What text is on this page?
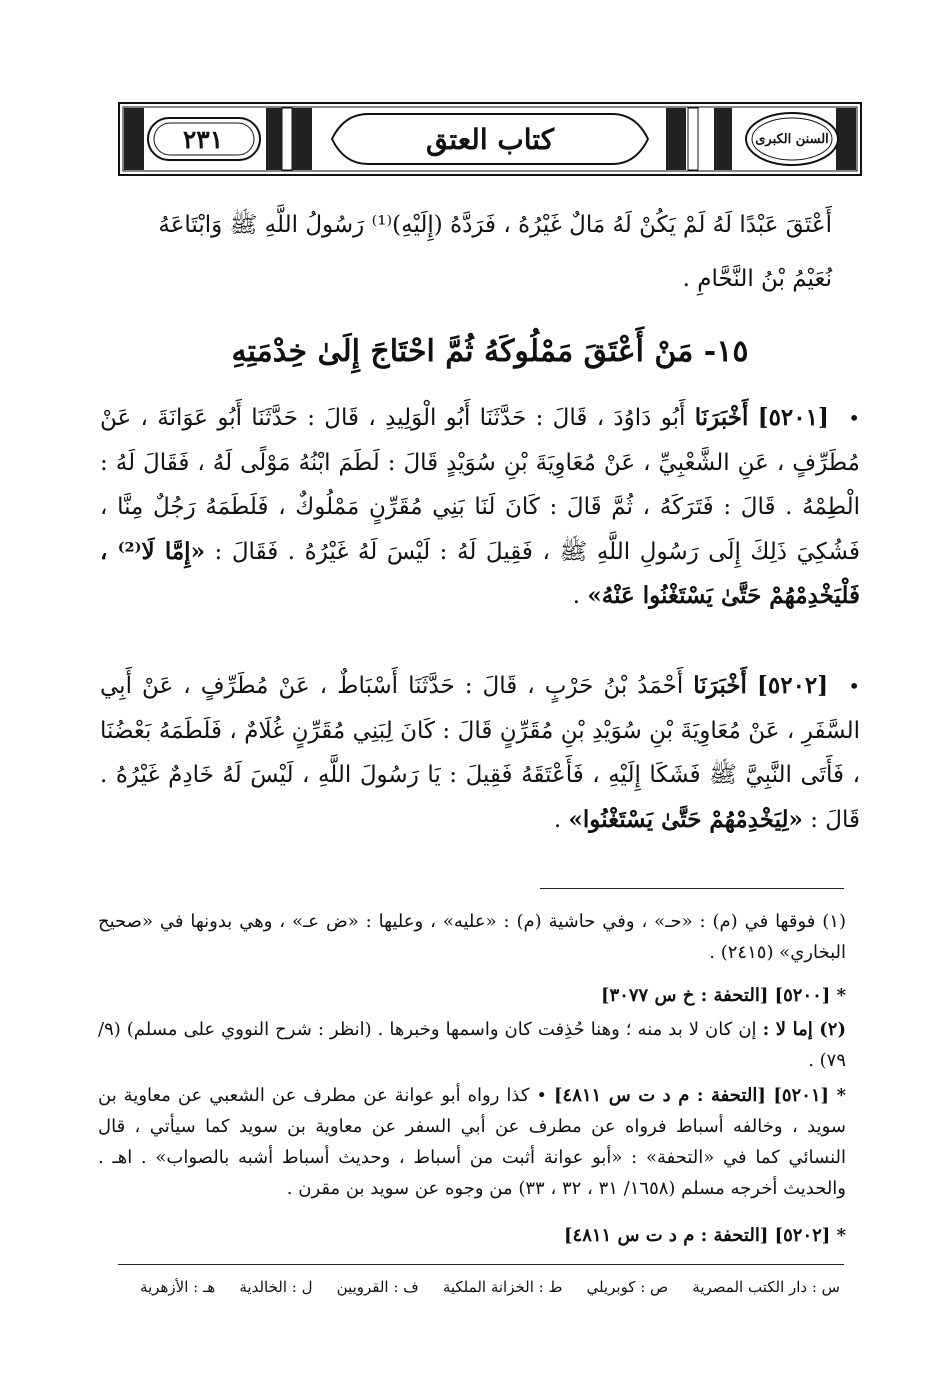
٢٣١	كتاب العتق	السنن الكبرى
أَعْتَقَ عَبْدًا لَهُ لَمْ يَكُنْ لَهُ مَالٌ غَيْرُهُ ، فَرَدَّهُ (إِلَيْهِ)⁽¹⁾ رَسُولُ اللَّهِ ﷺ وَابْتَاعَهُ
نُعَيْمُ بْنُ النَّحَّامِ .
١٥- مَنْ أَعْتَقَ مَمْلُوكَهُ ثُمَّ احْتَاجَ إِلَىٰ خِدْمَتِهِ
• [٥٢٠١] أَخْبَرَنَا أَبُو دَاوُدَ ، قَالَ : حَدَّثَنَا أَبُو الْوَلِيدِ ، قَالَ : حَدَّثَنَا أَبُو عَوَانَةَ ، عَنْ مُطَرِّفٍ ، عَنِ الشَّعْبِيِّ ، عَنْ مُعَاوِيَةَ بْنِ سُوَيْدٍ قَالَ : لَطَمَ ابْنُهُ مَوْلًى لَهُ ، فَقَالَ لَهُ : الْطِمْهُ . قَالَ : فَتَرَكَهُ ، ثُمَّ قَالَ : كَانَ لَنَا بَنِي مُقَرِّنٍ مَمْلُوكٌ ، فَلَطَمَهُ رَجُلٌ مِنَّا ، فَشُكِيَ ذَلِكَ إِلَى رَسُولِ اللَّهِ ﷺ ، فَقِيلَ لَهُ : لَيْسَ لَهُ غَيْرُهُ . فَقَالَ : «إِمَّا لَا⁽²⁾ ، فَلْيَخْدِمْهُمْ حَتَّىٰ يَسْتَغْنُوا عَنْهُ» .
• [٥٢٠٢] أَخْبَرَنَا أَحْمَدُ بْنُ حَرْبٍ ، قَالَ : حَدَّثَنَا أَسْبَاطٌ ، عَنْ مُطَرِّفٍ ، عَنْ أَبِي السَّفَرِ ، عَنْ مُعَاوِيَةَ بْنِ سُوَيْدِ بْنِ مُقَرِّنٍ قَالَ : كَانَ لِبَنِي مُقَرِّنٍ غُلَامٌ ، فَلَطَمَهُ بَعْضُنَا ، فَأَتَى النَّبِيَّ ﷺ فَشَكَا إِلَيْهِ ، فَأَعْتَقَهُ فَقِيلَ : يَا رَسُولَ اللَّهِ ، لَيْسَ لَهُ خَادِمٌ غَيْرُهُ . قَالَ : «لِيَخْدِمْهُمْ حَتَّىٰ يَسْتَغْنُوا» .
(١) فوقها في (م) : «حـ» ، وفي حاشية (م) : «عليه» ، وعليها : «ض عـ» ، وهي بدونها في «صحيح البخاري» (٢٤١٥) .
* [٥٢٠٠] [التحفة : خ س ٣٠٧٧]
(٢) إما لا : إن كان لا بد منه ؛ وهنا حُذِفت كان واسمها وخبرها . (انظر : شرح النووي على مسلم) (٩/ ٧٩) .
* [٥٢٠١] [التحفة : م د ت س ٤٨١١] • كذا رواه أبو عوانة عن مطرف عن الشعبي عن معاوية بن سويد ، وخالفه أسباط فرواه عن مطرف عن أبي السفر عن معاوية بن سويد كما سيأتي ، قال النسائي كما في «التحفة» : «أبو عوانة أثبت من أسباط ، وحديث أسباط أشبه بالصواب» . اهـ . والحديث أخرجه مسلم (١٦٥٨/ ٣١ ، ٣٢ ، ٣٣) من وجوه عن سويد بن مقرن .
* [٥٢٠٢] [التحفة : م د ت س ٤٨١١]
س : دار الكتب المصرية
ص : كوبريلي
ط : الخزانة الملكية
ف : القرويين
ل : الخالدية
هـ : الأزهرية
